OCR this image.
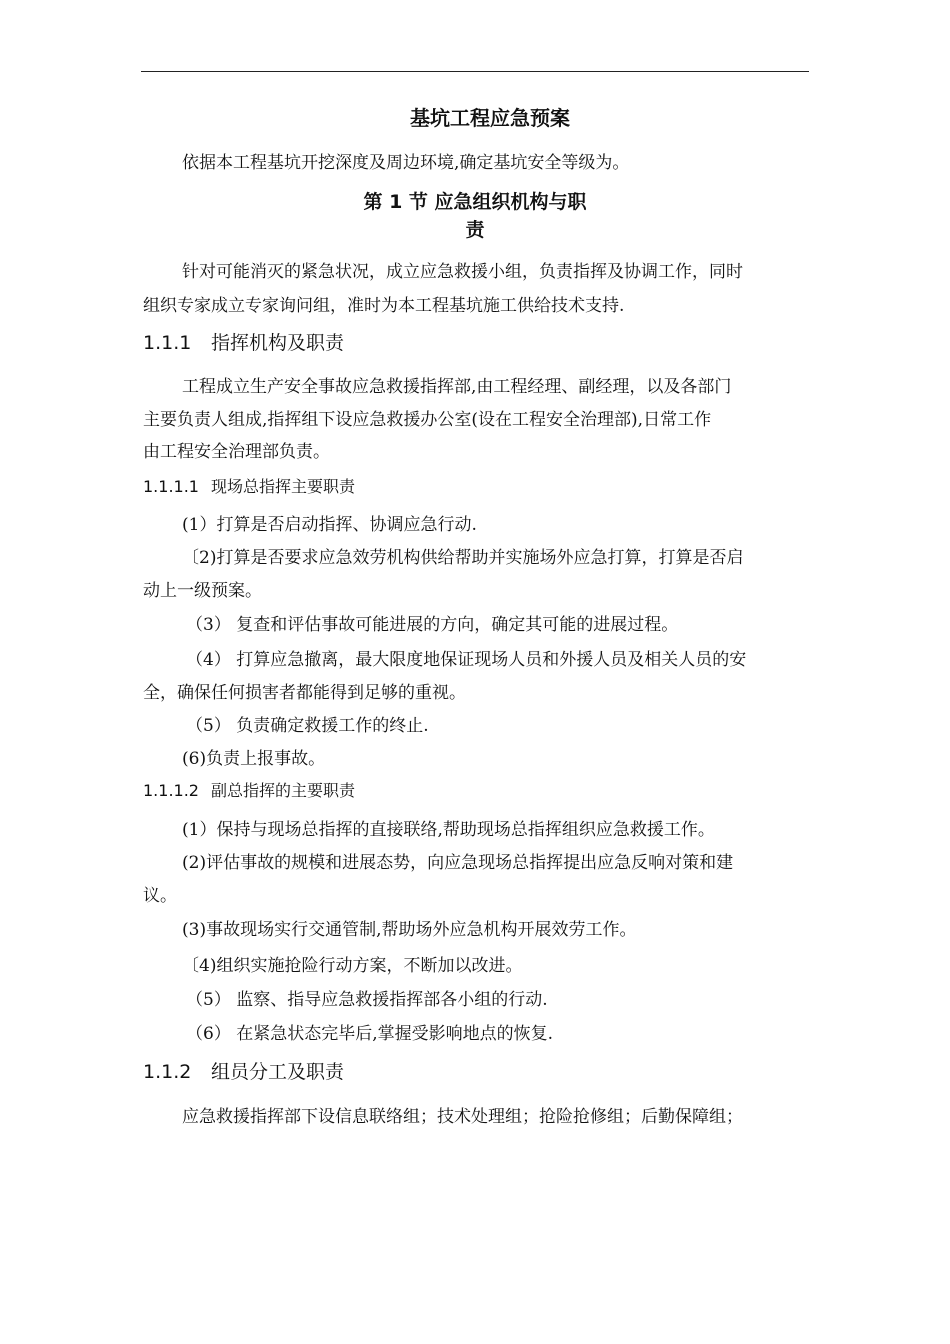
基坑工程应急预案
依据本工程基坑开挖深度及周边环境,确定基坑安全等级为。
第 1 节 应急组织机构与职
责
针对可能消灭的紧急状况，成立应急救援小组，负责指挥及协调工作，同时
组织专家成立专家询问组，准时为本工程基坑施工供给技术支持.
1.1.1 指挥机构及职责
工程成立生产安全事故应急救援指挥部,由工程经理、副经理，以及各部门
主要负责人组成,指挥组下设应急救援办公室(设在工程安全治理部),日常工作
由工程安全治理部负责。
1.1.1.1 现场总指挥主要职责
(1）打算是否启动指挥、协调应急行动.
〔2)打算是否要求应急效劳机构供给帮助并实施场外应急打算，打算是否启
动上一级预案。
（3） 复查和评估事故可能进展的方向，确定其可能的进展过程。
（4） 打算应急撤离，最大限度地保证现场人员和外援人员及相关人员的安
全，确保任何损害者都能得到足够的重视。
（5） 负责确定救援工作的终止.
(6)负责上报事故。
1.1.1.2 副总指挥的主要职责
(1）保持与现场总指挥的直接联络,帮助现场总指挥组织应急救援工作。
(2)评估事故的规模和进展态势，向应急现场总指挥提出应急反响对策和建
议。
(3)事故现场实行交通管制,帮助场外应急机构开展效劳工作。
〔4)组织实施抢险行动方案，不断加以改进。
（5） 监察、指导应急救援指挥部各小组的行动.
（6） 在紧急状态完毕后,掌握受影响地点的恢复.
1.1.2 组员分工及职责
应急救援指挥部下设信息联络组；技术处理组；抢险抢修组；后勤保障组；
